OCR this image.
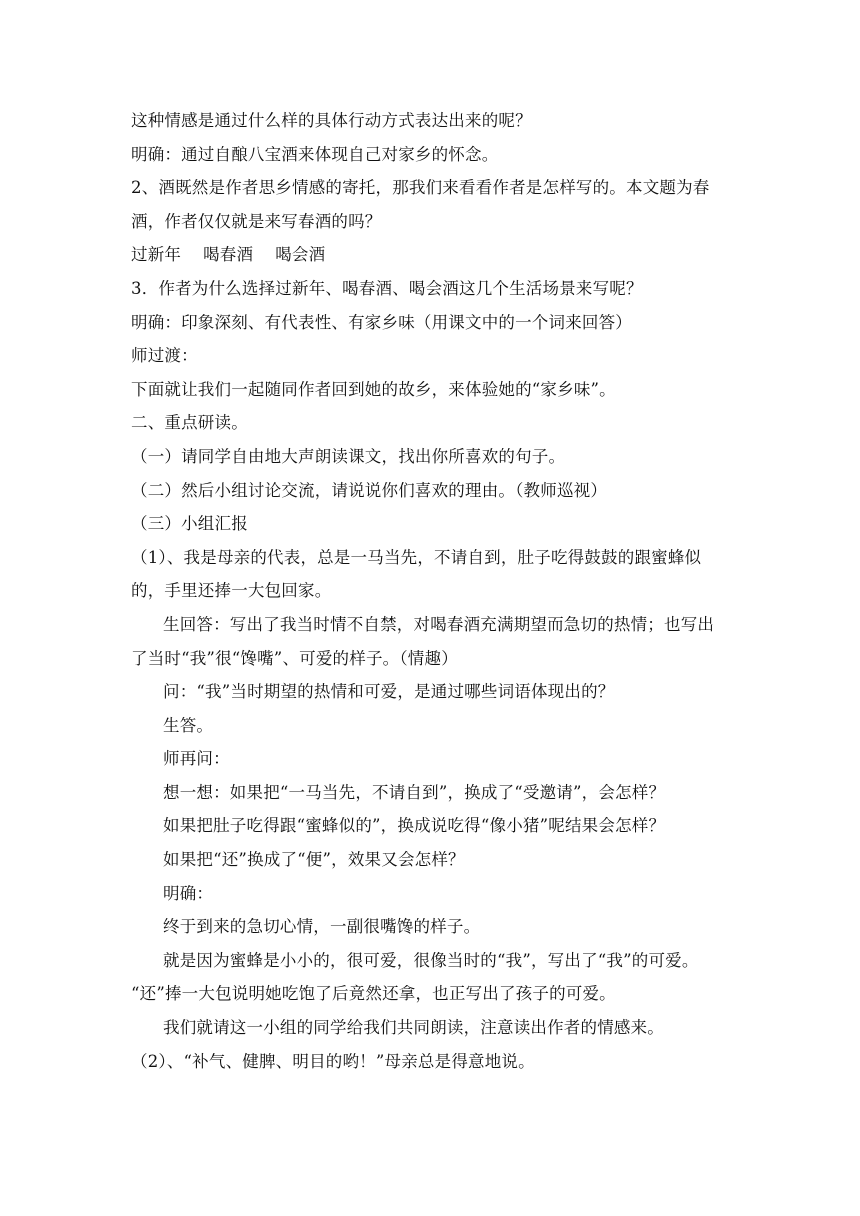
这种情感是通过什么样的具体行动方式表达出来的呢？
明确：通过自酿八宝酒来体现自己对家乡的怀念。
2、酒既然是作者思乡情感的寄托，那我们来看看作者是怎样写的。本文题为春
酒，作者仅仅就是来写春酒的吗？
过新年 喝春酒 喝会酒
3．作者为什么选择过新年、喝春酒、喝会酒这几个生活场景来写呢？
明确：印象深刻、有代表性、有家乡味（用课文中的一个词来回答）
师过渡：
下面就让我们一起随同作者回到她的故乡，来体验她的“家乡味”。
二、重点研读。
（一）请同学自由地大声朗读课文，找出你所喜欢的句子。
（二）然后小组讨论交流，请说说你们喜欢的理由。（教师巡视）
（三）小组汇报
（1）、我是母亲的代表，总是一马当先，不请自到，肚子吃得鼓鼓的跟蜜蜂似
的，手里还捧一大包回家。
生回答：写出了我当时情不自禁，对喝春酒充满期望而急切的热情；也写出
了当时“我”很“馋嘴”、可爱的样子。（情趣）
问：“我”当时期望的热情和可爱，是通过哪些词语体现出的？
生答。
师再问：
想一想：如果把“一马当先，不请自到”，换成了“受邀请”，会怎样？
如果把肚子吃得跟“蜜蜂似的”，换成说吃得“像小猪”呢结果会怎样？
如果把“还”换成了“便”，效果又会怎样？
明确：
终于到来的急切心情，一副很嘴馋的样子。
就是因为蜜蜂是小小的，很可爱，很像当时的“我”，写出了“我”的可爱。
“还”捧一大包说明她吃饱了后竟然还拿，也正写出了孩子的可爱。
我们就请这一小组的同学给我们共同朗读，注意读出作者的情感来。
（2）、“补气、健脾、明目的哟！”母亲总是得意地说。
